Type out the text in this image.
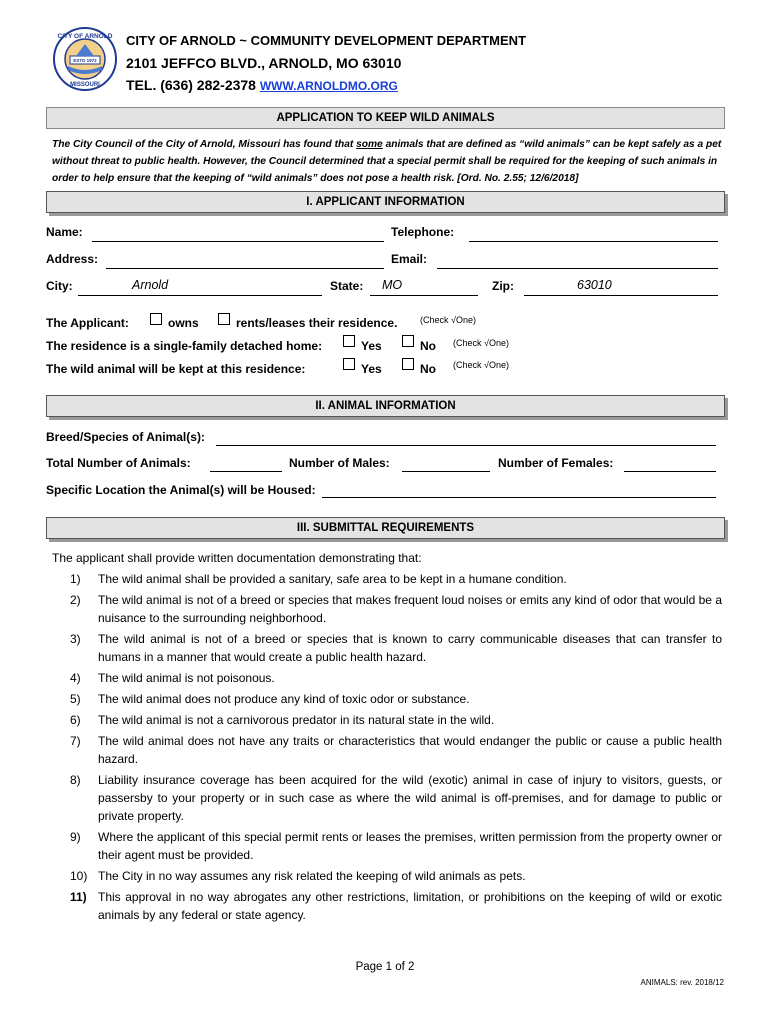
CITY OF ARNOLD
ESTD 1972
MISSOURI
CITY OF ARNOLD ~ COMMUNITY DEVELOPMENT DEPARTMENT
2101 JEFFCO BLVD., ARNOLD, MO 63010
TEL. (636) 282-2378 WWW.ARNOLDMO.ORG
APPLICATION TO KEEP WILD ANIMALS
The City Council of the City of Arnold, Missouri has found that some animals that are defined as “wild animals” can be kept safely as a pet without threat to public health. However, the Council determined that a special permit shall be required for the keeping of such animals in order to help ensure that the keeping of “wild animals” does not pose a health risk. [Ord. No. 2.55; 12/6/2018]
I. APPLICANT INFORMATION
Name:	Telephone:
Address:	Email:
City:	Arnold	State: MO	Zip:	63010
The Applicant:	owns	rents/leases their residence.	(Check √One)
The residence is a single-family detached home:	Yes	No (Check √One)
The wild animal will be kept at this residence:	Yes	No (Check √One)
II. ANIMAL INFORMATION
Breed/Species of Animal(s):
Total Number of Animals:	Number of Males:	Number of Females:
Specific Location the Animal(s) will be Housed:
III. SUBMITTAL REQUIREMENTS
The applicant shall provide written documentation demonstrating that:
1) The wild animal shall be provided a sanitary, safe area to be kept in a humane condition.
2) The wild animal is not of a breed or species that makes frequent loud noises or emits any kind of odor that would be a nuisance to the surrounding neighborhood.
3) The wild animal is not of a breed or species that is known to carry communicable diseases that can transfer to humans in a manner that would create a public health hazard.
4) The wild animal is not poisonous.
5) The wild animal does not produce any kind of toxic odor or substance.
6) The wild animal is not a carnivorous predator in its natural state in the wild.
7) The wild animal does not have any traits or characteristics that would endanger the public or cause a public health hazard.
8) Liability insurance coverage has been acquired for the wild (exotic) animal in case of injury to visitors, guests, or passersby to your property or in such case as where the wild animal is off-premises, and for damage to public or private property.
9) Where the applicant of this special permit rents or leases the premises, written permission from the property owner or their agent must be provided.
10) The City in no way assumes any risk related the keeping of wild animals as pets.
11) This approval in no way abrogates any other restrictions, limitation, or prohibitions on the keeping of wild or exotic animals by any federal or state agency.
Page 1 of 2
ANIMALS: rev. 2018/12
